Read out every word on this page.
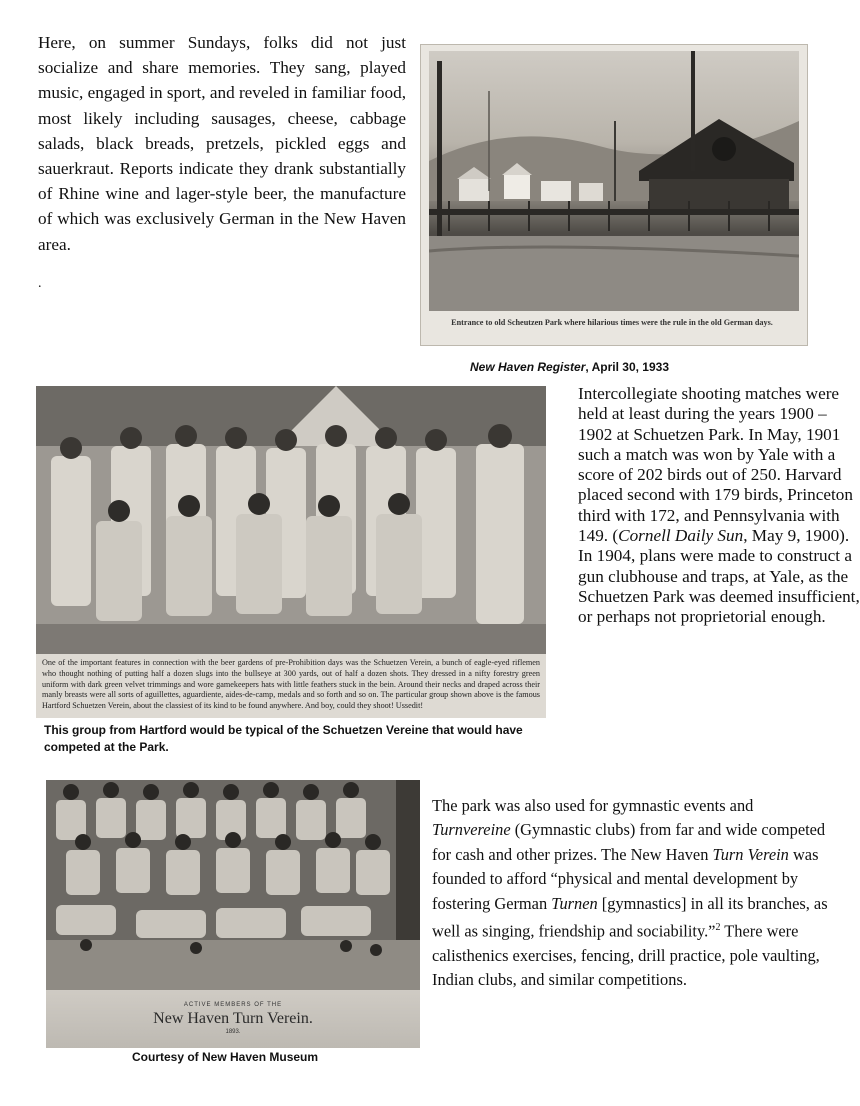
Here, on summer Sundays, folks did not just socialize and share memories. They sang, played music, engaged in sport, and reveled in familiar food, most likely including sausages, cheese, cabbage salads, black breads, pretzels, pickled eggs and sauerkraut. Reports indicate they drank substantially of Rhine wine and lager-style beer, the manufacture of which was exclusively German in the New Haven area.

.
Entrance to old Scheutzen Park where hilarious times were the rule in the old German days.
New Haven Register, April 30, 1933
One of the important features in connection with the beer gardens of pre-Prohibition days was the Schuetzen Verein, a bunch of eagle-eyed riflemen who thought nothing of putting half a dozen slugs into the bullseye at 300 yards, out of half a dozen shots. They dressed in a nifty forestry green uniform with dark green velvet trimmings and wore gamekeepers hats with little feathers stuck in the bein. Around their necks and draped across their manly breasts were all sorts of aguillettes, aguardiente, aides-de-camp, medals and so forth and so on. The particular group shown above is the famous Hartford Schuetzen Verein, about the classiest of its kind to be found anywhere. And boy, could they shoot! Ussedit!
This group from Hartford would be typical of the Schuetzen Vereine that would have competed at the Park.

Intercollegiate shooting matches were held at least during the years 1900 – 1902 at Schuetzen Park. In May, 1901 such a match was won by Yale with a score of 202 birds out of 250. Harvard placed second with 179 birds, Princeton third with 172, and Pennsylvania with 149. (Cornell Daily Sun, May 9, 1900). In 1904, plans were made to construct a gun clubhouse and traps, at Yale, as the Schuetzen Park was deemed insufficient, or perhaps not proprietorial enough.

ACTIVE MEMBERS OF THE
New Haven Turn Verein.
1893.
Courtesy of New Haven Museum

The park was also used for gymnastic events and Turnvereine (Gymnastic clubs) from far and wide competed for cash and other prizes. The New Haven Turn Verein was founded to afford “physical and mental development by fostering German Turnen [gymnastics] in all its branches, as well as singing, friendship and sociability.”$^2$ There were calisthenics exercises, fencing, drill practice, pole vaulting, Indian clubs, and similar competitions.
